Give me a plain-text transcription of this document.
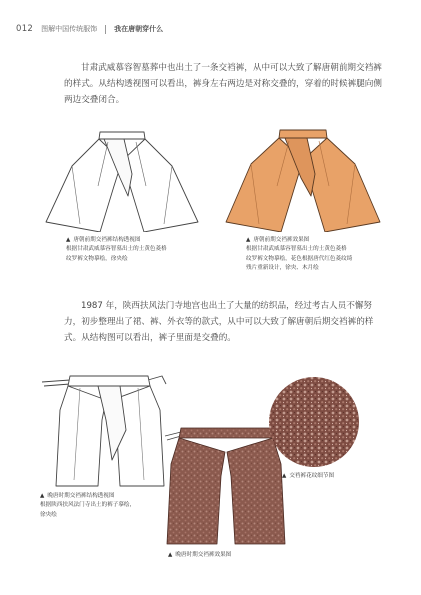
012 图解中国传统服饰 我在唐朝穿什么

甘肃武威慕容智墓葬中也出土了一条交裆裤，从中可以大致了解唐朝前期交裆裤的样式。从结构透视图可以看出，裤身左右两边是对称交叠的，穿着的时候裤腿向侧两边交叠闭合。

▲ 唐朝前期交裆裤结构透视图
根据甘肃武威慕容智墓出土的土黄色菱格
纹罗裤文物摹绘，徐央绘
▲ 唐朝前期交裆裤效果图
根据甘肃武威慕容智墓出土的土黄色菱格
纹罗裤文物摹绘，花色根据唐代红色菱纹绮
残片重新设计，徐央、木月绘

1987 年，陕西扶风法门寺地宫也出土了大量的纺织品，经过考古人员不懈努力，初步整理出了裙、裤、外衣等的款式，从中可以大致了解唐朝后期交裆裤的样式。从结构图可以看出，裤子里面是交叠的。

▲ 晚唐时期交裆裤结构透视图
根据陕西扶风法门寺出土的裤子摹绘，
徐央绘
▲ 交裆裤花纹细节图
▲ 晚唐时期交裆裤效果图
